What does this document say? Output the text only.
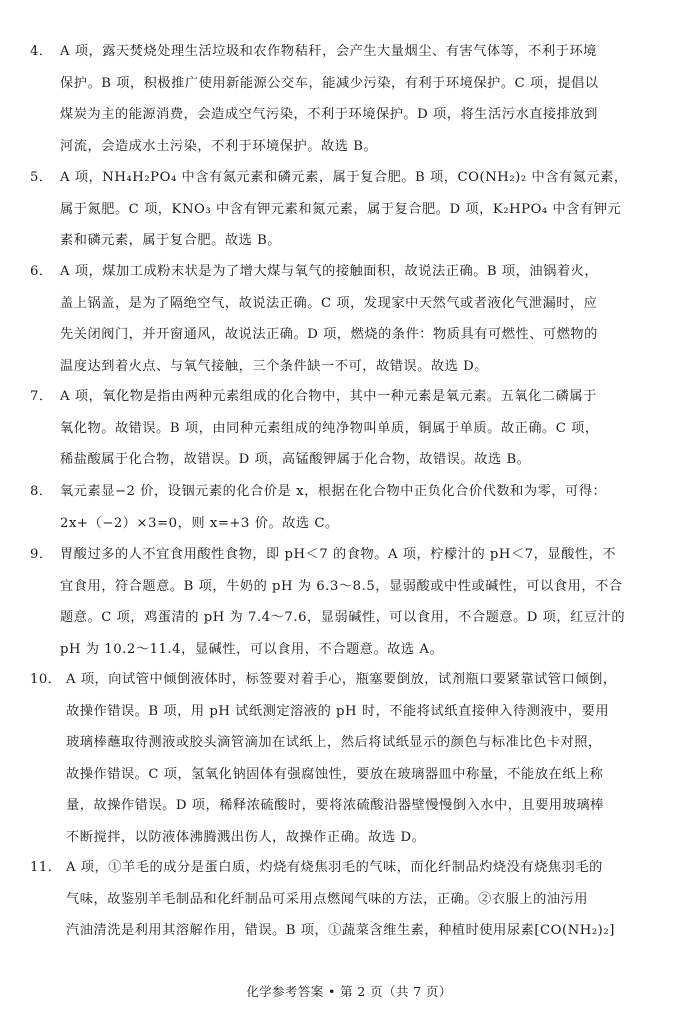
4． A 项，露天焚烧处理生活垃圾和农作物秸秆，会产生大量烟尘、有害气体等，不利于环境
保护。B 项，积极推广使用新能源公交车，能减少污染，有利于环境保护。C 项，提倡以
煤炭为主的能源消费，会造成空气污染，不利于环境保护。D 项，将生活污水直接排放到
河流，会造成水土污染，不利于环境保护。故选 B。
5． A 项，NH₄H₂PO₄ 中含有氮元素和磷元素，属于复合肥。B 项，CO(NH₂)₂ 中含有氮元素，
属于氮肥。C 项，KNO₃ 中含有钾元素和氮元素，属于复合肥。D 项，K₂HPO₄ 中含有钾元
素和磷元素，属于复合肥。故选 B。
6． A 项，煤加工成粉末状是为了增大煤与氧气的接触面积，故说法正确。B 项，油锅着火，
盖上锅盖，是为了隔绝空气，故说法正确。C 项，发现家中天然气或者液化气泄漏时，应
先关闭阀门，并开窗通风，故说法正确。D 项，燃烧的条件：物质具有可燃性、可燃物的
温度达到着火点、与氧气接触，三个条件缺一不可，故错误。故选 D。
7． A 项，氧化物是指由两种元素组成的化合物中，其中一种元素是氧元素。五氧化二磷属于
氧化物。故错误。B 项，由同种元素组成的纯净物叫单质，铜属于单质。故正确。C 项，
稀盐酸属于化合物，故错误。D 项，高锰酸钾属于化合物，故错误。故选 B。
8． 氧元素显−2 价，设铟元素的化合价是 x，根据在化合物中正负化合价代数和为零，可得：
2x+（−2）×3=0，则 x=+3 价。故选 C。
9． 胃酸过多的人不宜食用酸性食物，即 pH＜7 的食物。A 项，柠檬汁的 pH＜7，显酸性，不
宜食用，符合题意。B 项，牛奶的 pH 为 6.3～8.5，显弱酸或中性或碱性，可以食用，不合
题意。C 项，鸡蛋清的 pH 为 7.4～7.6，显弱碱性，可以食用，不合题意。D 项，红豆汁的
pH 为 10.2～11.4，显碱性，可以食用，不合题意。故选 A。
10． A 项，向试管中倾倒液体时，标签要对着手心，瓶塞要倒放，试剂瓶口要紧靠试管口倾倒，
故操作错误。B 项，用 pH 试纸测定溶液的 pH 时，不能将试纸直接伸入待测液中，要用
玻璃棒蘸取待测液或胶头滴管滴加在试纸上，然后将试纸显示的颜色与标准比色卡对照，
故操作错误。C 项，氢氧化钠固体有强腐蚀性，要放在玻璃器皿中称量，不能放在纸上称
量，故操作错误。D 项，稀释浓硫酸时，要将浓硫酸沿器壁慢慢倒入水中，且要用玻璃棒
不断搅拌，以防液体沸腾溅出伤人，故操作正确。故选 D。
11． A 项，①羊毛的成分是蛋白质，灼烧有烧焦羽毛的气味，而化纤制品灼烧没有烧焦羽毛的
气味，故鉴别羊毛制品和化纤制品可采用点燃闻气味的方法，正确。②衣服上的油污用
汽油清洗是利用其溶解作用，错误。B 项，①蔬菜含维生素，种植时使用尿素[CO(NH₂)₂]
化学参考答案 • 第 2 页（共 7 页）
